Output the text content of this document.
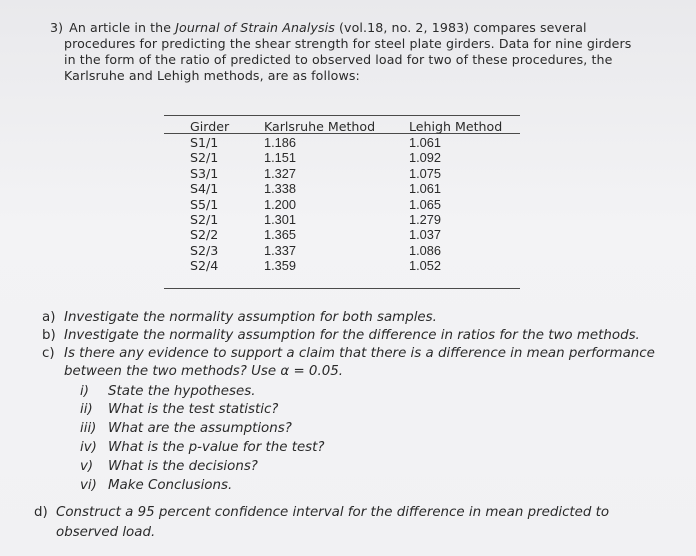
3) An article in the Journal of Strain Analysis (vol.18, no. 2, 1983) compares several
procedures for predicting the shear strength for steel plate girders. Data for nine girders
in the form of the ratio of predicted to observed load for two of these procedures, the
Karlsruhe and Lehigh methods, are as follows:
Girder
S1/1
S2/1
S3/1
S4/1
S5/1
S2/1
S2/2
S2/3
S2/4
Karlsruhe Method
1.186
1.151
1.327
1.338
1.200
1.301
1.365
1.337
1.359
Lehigh Method
1.061
1.092
1.075
1.061
1.065
1.279
1.037
1.086
1.052
a) Investigate the normality assumption for both samples.
b) Investigate the normality assumption for the difference in ratios for the two methods.
c) Is there any evidence to support a claim that there is a difference in mean performance
between the two methods? Use α = 0.05.
i) State the hypotheses.
ii) What is the test statistic?
iii) What are the assumptions?
iv) What is the p-value for the test?
v) What is the decisions?
vi) Make Conclusions.
d) Construct a 95 percent confidence interval for the difference in mean predicted to
observed load.
